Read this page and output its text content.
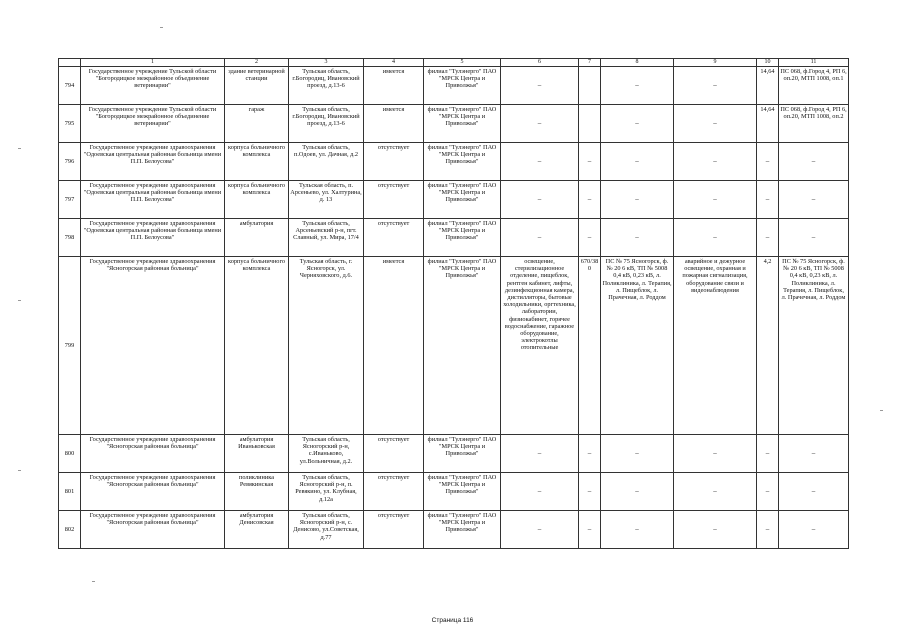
	1	2	3	4	5	6	7	8	9	10	11
794	Государственное учреждение Тульской области "Богородицкое межрайонное объединение ветеринарии"	здание ветеринарной станции	Тульская область, г.Богородиц, Ивановский проезд, д.13-6	имеется	филиал "Тулэнерго" ПАО "МРСК Центра и Приволжья"	–		–	–	14,64	ПС 068, ф.Город 4, РП 6, оп.20, МТП 1008, оп.1
795	Государственное учреждение Тульской области "Богородицкое межрайонное объединение ветеринарии"	гараж	Тульская область, г.Богородиц, Ивановский проезд, д.13-6	имеется	филиал "Тулэнерго" ПАО "МРСК Центра и Приволжья"	–		–	–	14,64	ПС 068, ф.Город 4, РП 6, оп.20, МТП 1008, оп.2
796	Государственное учреждение здравоохранения "Одоевская центральная районная больница имени П.П. Белоусова"	корпуса больничного комплекса	Тульская область, п.Одоев, ул. Дачная, д.2	отсутствует	филиал "Тулэнерго" ПАО "МРСК Центра и Приволжья"	–	–	–	–	–	–
797	Государственное учреждение здравоохранения "Одоевская центральная районная больница имени П.П. Белоусова"	корпуса больничного комплекса	Тульская область, п. Арсеньево, ул. Халтурина, д. 13	отсутствует	филиал "Тулэнерго" ПАО "МРСК Центра и Приволжья"	–	–	–	–	–	–
798	Государственное учреждение здравоохранения "Одоевская центральная районная больница имени П.П. Белоусова"	амбулатория	Тульская область, Арсеньевский р-н, пгт. Славный, ул. Мира, 17/4	отсутствует	филиал "Тулэнерго" ПАО "МРСК Центра и Приволжья"	–	–	–	–	–	–
799	Государственное учреждение здравоохранения "Ясногорская районная больница"	корпуса больничного комплекса	Тульская область, г. Ясногорск, ул. Черняховского, д.6.	имеется	филиал "Тулэнерго" ПАО "МРСК Центра и Приволжья"	освещение, стерилизационное отделение, пищеблок, рентген кабинет, лифты, дезинфекционная камера, дистилляторы, бытовые холодильники, оргтехника, лаборатории, физиокабинет, горячее водоснабжение, гаражное оборудование, электрокотлы отопительные	670/380	ПС № 75 Ясногорск, ф. № 20 6 кВ, ТП № 5008 0,4 кВ, 0,23 кВ, л. Поликлиника, л. Терапия, л. Пищеблок, л. Прачечная, л. Роддом	аварийное и дежурное освещение, охранная и пожарная сигнализация, оборудование связи и видеонаблюдения	4,2	ПС № 75 Ясногорск, ф. № 20 6 кВ, ТП № 5008 0,4 кВ, 0,23 кВ, л. Поликлиника, л. Терапия, л. Пищеблок, л. Прачечная, л. Роддом
800	Государственное учреждение здравоохранения "Ясногорская районная больница"	амбулатория Иваньковская	Тульская область, Ясногорский р-н, с.Иваньково, ул.Вольничная, д.2.	отсутствует	филиал "Тулэнерго" ПАО "МРСК Центра и Приволжья"	–	–	–	–	–	–
801	Государственное учреждение здравоохранения "Ясногорская районная больница"	поликлиника Ревякинская	Тульская область, Ясногорский р-н, п. Ревякино, ул. Клубная, д.12а	отсутствует	филиал "Тулэнерго" ПАО "МРСК Центра и Приволжья"	–	–	–	–	–	–
802	Государственное учреждение здравоохранения "Ясногорская районная больница"	амбулатория Денисовская	Тульская область, Ясногорский р-н, с. Денисово, ул.Советская, д.77	отсутствует	филиал "Тулэнерго" ПАО "МРСК Центра и Приволжья"	–	–	–	–	–	–
Страница 116
